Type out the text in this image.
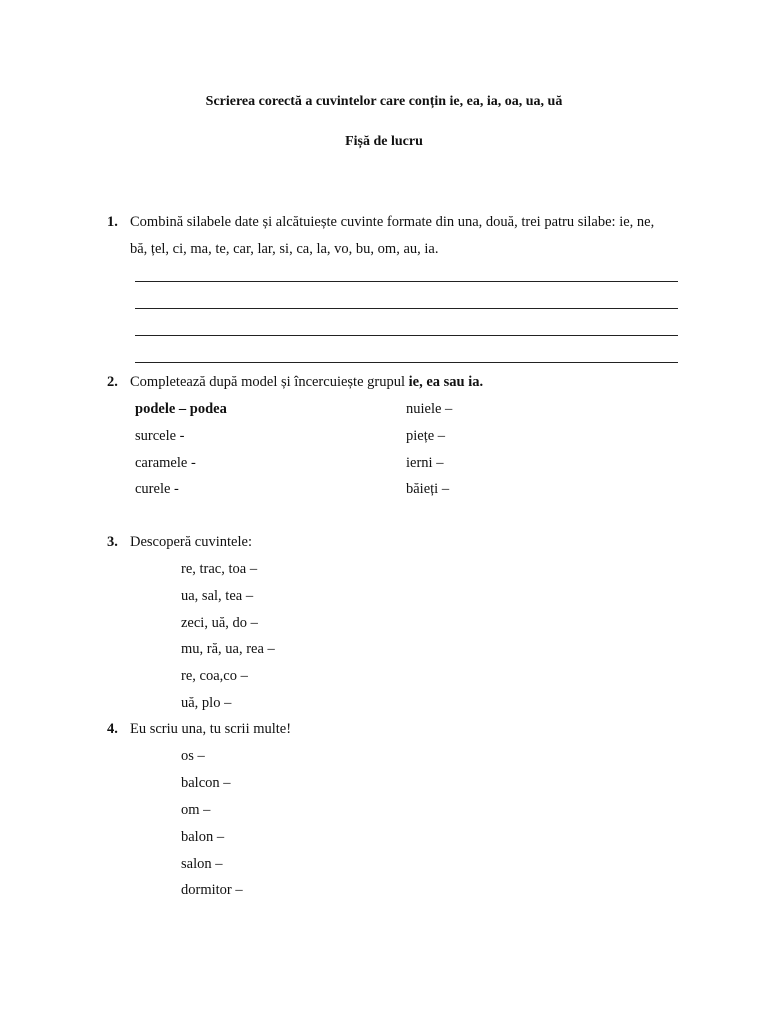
Scrierea corectă a cuvintelor care conțin ie, ea, ia, oa, ua, uă
Fișă de lucru
1. Combină silabele date și alcătuiește cuvinte formate din una, două, trei patru silabe: ie, ne,
bă, țel, ci, ma, te, car, lar, si, ca, la, vo, bu, om, au, ia.
2. Completează după model și încercuiește grupul ie, ea sau ia.
podele – podea
surcele -
caramele -
curele -
nuiele –
piețe –
ierni –
băieți –
3. Descoperă cuvintele:
re, trac, toa –
ua, sal, tea –
zeci, uă, do –
mu, ră, ua, rea –
re, coa,co –
uă, plo –
4. Eu scriu una, tu scrii multe!
os –
balcon –
om –
balon –
salon –
dormitor –
